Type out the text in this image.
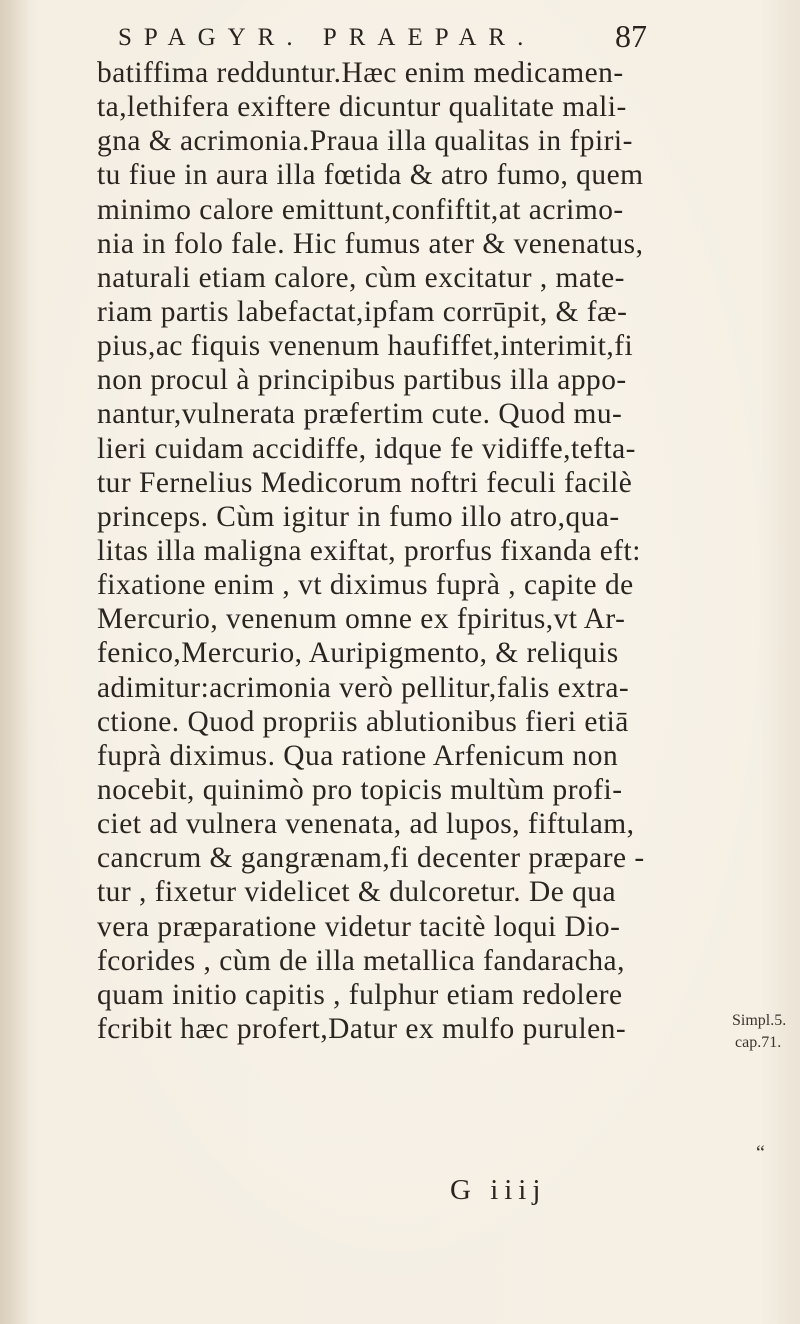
SPAGYR. PRAEPAR. 87
batiffima redduntur.Hæc enim medicamen-
ta,lethifera exiftere dicuntur qualitate mali-
gna & acrimonia.Praua illa qualitas in fpiri-
tu fiue in aura illa fœtida & atro fumo, quem
minimo calore emittunt,confiftit,at acrimo-
nia in folo fale. Hic fumus ater & venenatus,
naturali etiam calore, cùm excitatur , mate-
riam partis labefactat,ipfam corrūpit, & fæ-
pius,ac fiquis venenum haufiffet,interimit,fi
non procul à principibus partibus illa appo-
nantur,vulnerata præfertim cute. Quod mu-
lieri cuidam accidiffe, idque fe vidiffe,tefta-
tur Fernelius Medicorum noftri feculi facilè
princeps. Cùm igitur in fumo illo atro,qua-
litas illa maligna exiftat, prorfus fixanda eft:
fixatione enim , vt diximus fuprà , capite de
Mercurio, venenum omne ex fpiritus,vt Ar-
fenico,Mercurio, Auripigmento, & reliquis
adimitur:acrimonia verò pellitur,falis extra-
ctione. Quod propriis ablutionibus fieri etiā
fuprà diximus. Qua ratione Arfenicum non
nocebit, quinimò pro topicis multùm profi-
ciet ad vulnera venenata, ad lupos, fiftulam,
cancrum & gangrænam,fi decenter præpare -
tur , fixetur videlicet & dulcoretur. De qua
vera præparatione videtur tacitè loqui Dio-
fcorides , cùm de illa metallica fandaracha,
quam initio capitis , fulphur etiam redolere
fcribit hæc profert,Datur ex mulfo purulen-	Simpl.5.
cap.71.
“
G iiij
